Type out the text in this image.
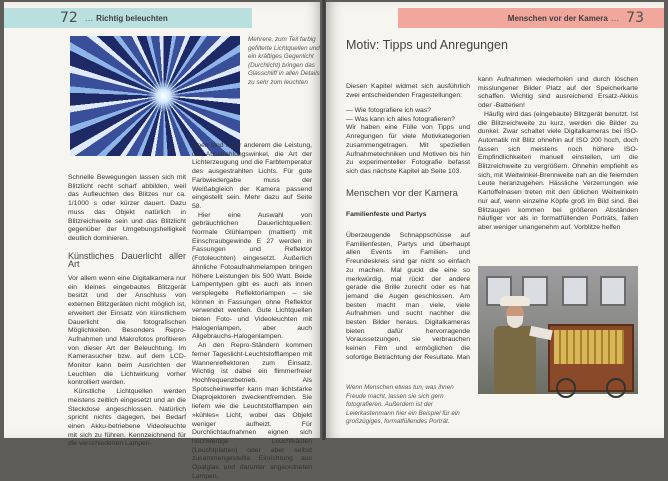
72 ... Richtig beleuchten
Mehrere, zum Teil farbig gefilterte Lichtquellen und ein kräftiges Gegenlicht (Durchlicht) bringen das Glasschliff in allen Details zu sehr zum leuchten

Schnelle Bewegungen lassen sich mit Blitzlicht recht scharf abbilden, weil das Aufleuchten des Blitzes nur ca. 1/1000 s oder kürzer dauert. Dazu muss das Objekt natürlich in Blitzreichweite sein und das Blitzlicht gegenüber der Umgebungshelligkeit deutlich dominieren.

Künstliches Dauerlicht aller Art

Vor allem wenn eine Digitalkamera nur ein kleines eingebautes Blitzgerät besitzt und der Anschluss von externen Blitzgeräten nicht möglich ist, erweitert der Einsatz von künstlichem Dauerlicht die fotografischen Möglichkeiten. Besonders Repro-Aufnahmen und Makrofotos profitieren von dieser Art der Beleuchtung. Im Kamerasucher bzw. auf dem LCD-Monitor kann beim Ausrichten der Leuchten die Lichtwirkung vorher kontrolliert werden.

Künstliche Lichtquellen werden meistens zeitlich eingesetzt und an die Steckdose angeschlossen. Natürlich spricht nichts dagegen, bei Bedarf einen Akku-betriebene Videoleuchte mit sich zu führen. Kennzeichnend für die verschiedenen Lampen-

typen sind unter anderem die Leistung, die Ausstrahlungswinkel, die Art der Lichterzeugung und die Farbtemperatur des ausgestrahlten Lichts. Für gute Farbwiedergabe muss der Weißabgleich der Kamera passend eingestellt sein. Mehr dazu auf Seite 58.

Hier eine Auswahl von gebräuchlichen Dauerlichtquellen: Normale Glühlampen (mattiert) mit Einschraubgewinde E 27 werden in Fassungen und Reflektor (Fotoleuchten) eingesetzt. Äußerlich ähnliche Fotoaufnahmelampen bringen höhere Leistungen bis 500 Watt. Beide Lampentypen gibt es auch als innen verspiegelte Reflektorlampen – sie können in Fassungen ohne Reflektor verwendet werden. Gute Lichtquellen bieten Foto- und Videoleuchten mit Halogenlampen, aber auch Allgebrauchs-Halogenlampen.

An den Repro-Ständern kommen ferner Tageslicht-Leuchtstofflampen mit Wannenreflektoren zum Einsatz. Wichtig ist dabei ein flimmerfreier Hochfrequenzbetrieb. Als Spotscheinwerfer kann man lichtstarke Diaprojektoren zweckentfremden. Sie liefern wie die Leuchtstofflampen ein »kühles« Licht, wobei das Objekt weniger aufheizt. Für Durchlichtaufnahmen eignen sich hochwertige Leuchtkästen (Leuchtplatten) oder aber selbst zusammengestellte Einrichtung aus Opalglas und darunter angeordneten Lampen.

Menschen vor der Kamera ... 73
Motiv: Tipps und Anregungen

Diesen Kapitel widmet sich ausführlich zwei entscheidenden Fragestellungen:

— Wie fotografiere ich was?
— Was kann ich alles fotografieren?

Wir haben eine Fülle von Tipps und Anregungen für viele Motivkategorien zusammengetragen. Mit speziellen Aufnahmetechniken und Motiven bis hin zu experimenteller Fotografie befasst sich das nächste Kapitel ab Seite 103.

kann Aufnahmen wiederholen und durch löschen misslungener Bilder Platz auf der Speicherkarte schaffen. Wichtig sind ausreichend Ersatz-Akkus oder -Batterien!

Häufig wird das (eingebaute) Blitzgerät benutzt. Ist die Blitzreichweite zu kurz, werden die Bilder zu dunkel. Zwar schaltet viele Digitalkameras bei ISO-Automatik mit Blitz ohnehin auf ISO 200 hoch, doch fassen sich meistens noch höhere ISO-Empfindlichkeiten manuell einstellen, um die Blitzreichweite zu vergrößern. Ohnehin empfiehlt es sich, mit Weitwinkel-Brennweite nah an die feiernden Leute heranzugehen. Hässliche Verzerrungen wie Kartoffelnasen treten mit den üblichen Weitwinkeln nur auf, wenn einzelne Köpfe groß im Bild sind. Bei Blitzaugen kommen bei größeren Abständen häufiger vor als in formatfüllenden Porträts, fallen aber weniger unangenehm auf. Vorblitze helfen

Menschen vor der Kamera
Familienfeste und Partys

Überzeugende Schnappschüsse auf Familienfesten, Partys und überhaupt allen Events im Familien- und Freundeskreis sind gar nicht so einfach zu machen. Mal guckt die eine so merkwürdig, mal rückt der andere gerade die Brille zurecht oder es hat jemand die Augen geschlossen. Am besten macht man viele, viele Aufnahmen und sucht nachher die besten Bilder heraus. Digitalkameras bieten dafür hervorragende Voraussetzungen, sie verbrauchen keinen Film und ermöglichen die sofortige Betrachtung der Resultate. Man

Wenn Menschen etwas tun, was ihnen Freude macht, lassen sie sich gern fotografieren. Außerdem ist der Leierkastenmann hier ein Beispiel für ein großzügiges, formatfüllendes Porträt.
